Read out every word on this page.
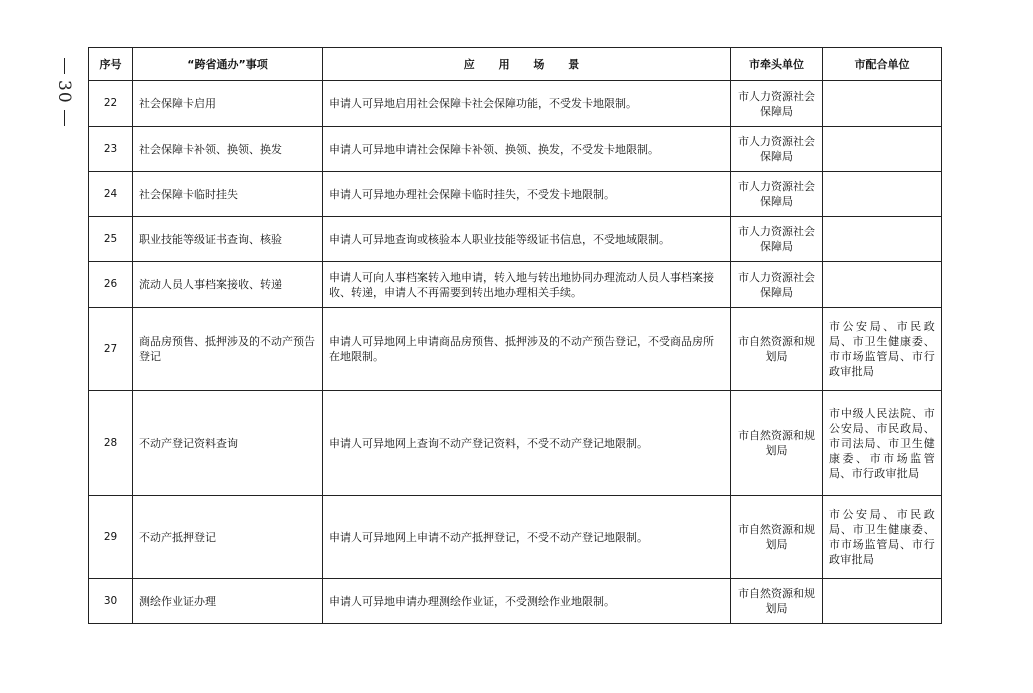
30
序号	“跨省通办”事项	应 用 场 景	市牵头单位	市配合单位
22	社会保障卡启用	申请人可异地启用社会保障卡社会保障功能，不受发卡地限制。	市人力资源社会保障局	
23	社会保障卡补领、换领、换发	申请人可异地申请社会保障卡补领、换领、换发，不受发卡地限制。	市人力资源社会保障局	
24	社会保障卡临时挂失	申请人可异地办理社会保障卡临时挂失，不受发卡地限制。	市人力资源社会保障局	
25	职业技能等级证书查询、核验	申请人可异地查询或核验本人职业技能等级证书信息，不受地域限制。	市人力资源社会保障局	
26	流动人员人事档案接收、转递	申请人可向人事档案转入地申请，转入地与转出地协同办理流动人员人事档案接收、转递，申请人不再需要到转出地办理相关手续。	市人力资源社会保障局	
27	商品房预售、抵押涉及的不动产预告登记	申请人可异地网上申请商品房预售、抵押涉及的不动产预告登记，不受商品房所在地限制。	市自然资源和规划局	市公安局、市民政局、市卫生健康委、市市场监管局、市行政审批局
28	不动产登记资料查询	申请人可异地网上查询不动产登记资料，不受不动产登记地限制。	市自然资源和规划局	市中级人民法院、市公安局、市民政局、市司法局、市卫生健康委、市市场监管局、市行政审批局
29	不动产抵押登记	申请人可异地网上申请不动产抵押登记，不受不动产登记地限制。	市自然资源和规划局	市公安局、市民政局、市卫生健康委、市市场监管局、市行政审批局
30	测绘作业证办理	申请人可异地申请办理测绘作业证，不受测绘作业地限制。	市自然资源和规划局	
